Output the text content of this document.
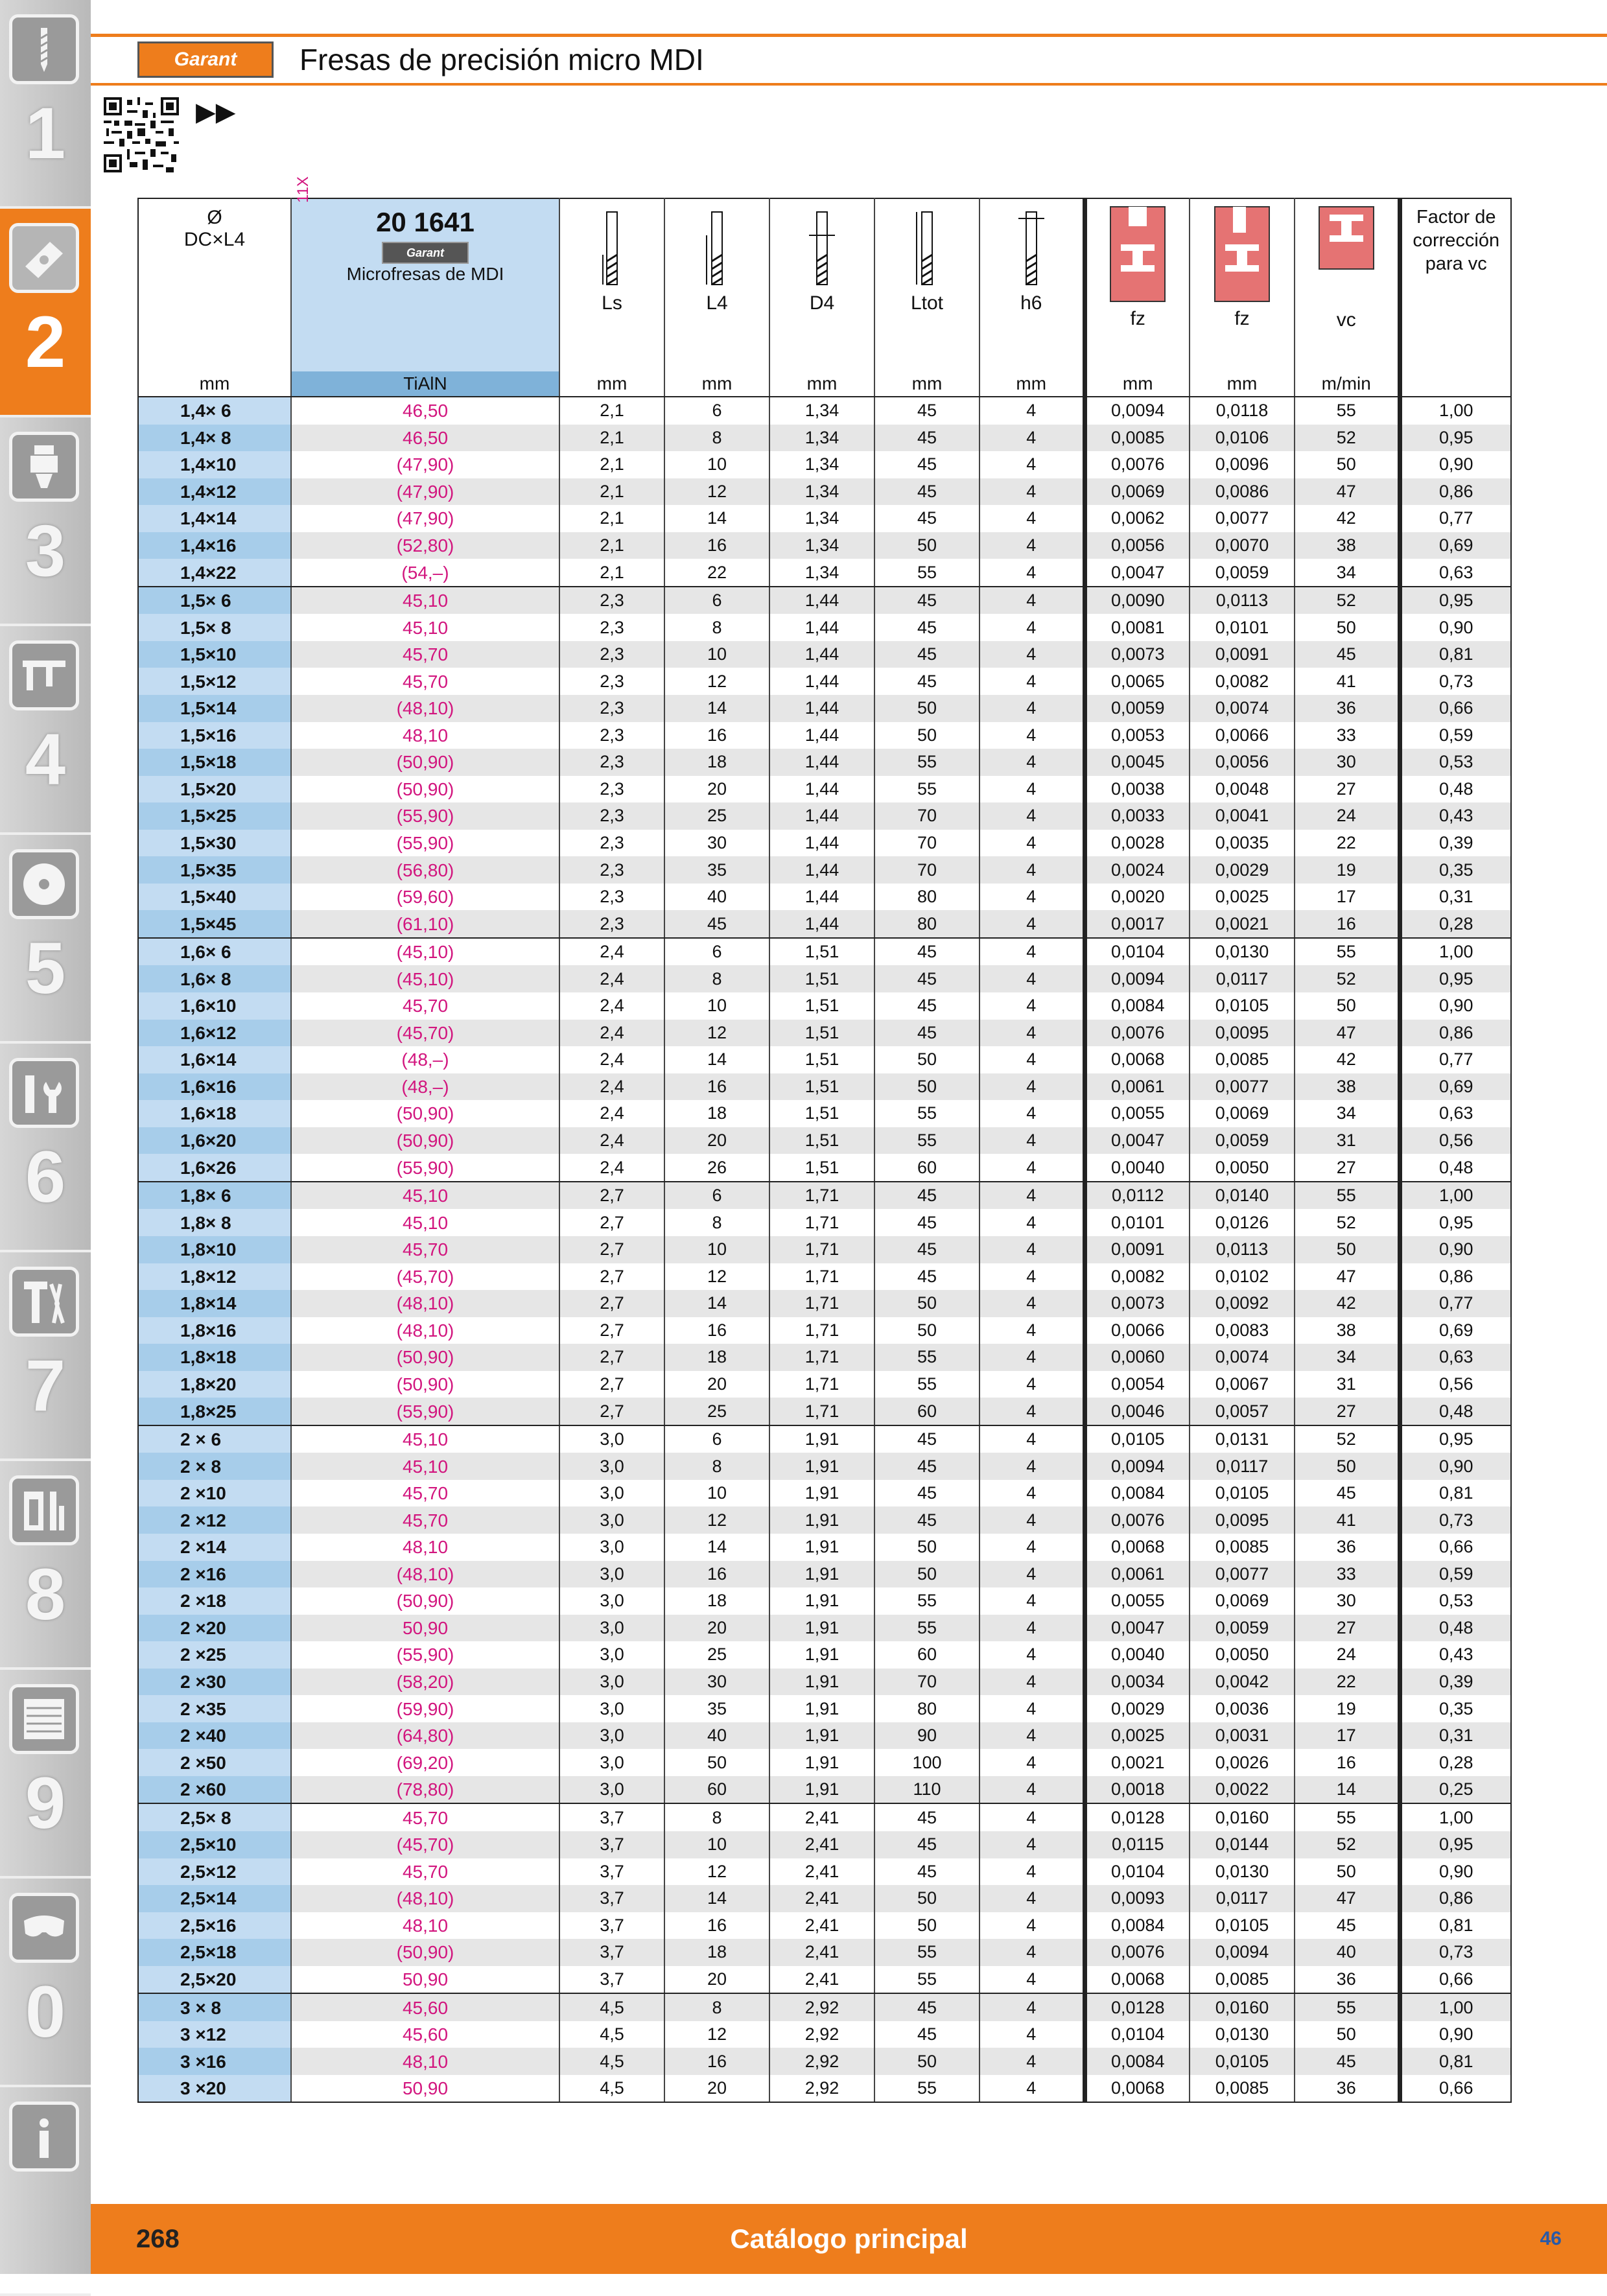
1
2
3
4
5
6
7
8
9
0
Garant	Fresas de precisión micro MDI
▶▶
Ø
DC×L4	11X
20 1641
Garant
Microfresas de MDI	Ls	L4	D4	Ltot	h6	fz	fz	vc	Factor de corrección para vc

mm	TiAlN	mm	mm	mm	mm	mm	mm	mm	m/min	
1,4× 6	46,50	2,1	6	1,34	45	4	0,0094	0,0118	55	1,00
1,4× 8	46,50	2,1	8	1,34	45	4	0,0085	0,0106	52	0,95
1,4×10	(47,90)	2,1	10	1,34	45	4	0,0076	0,0096	50	0,90
1,4×12	(47,90)	2,1	12	1,34	45	4	0,0069	0,0086	47	0,86
1,4×14	(47,90)	2,1	14	1,34	45	4	0,0062	0,0077	42	0,77
1,4×16	(52,80)	2,1	16	1,34	50	4	0,0056	0,0070	38	0,69
1,4×22	(54,–)	2,1	22	1,34	55	4	0,0047	0,0059	34	0,63
1,5× 6	45,10	2,3	6	1,44	45	4	0,0090	0,0113	52	0,95
1,5× 8	45,10	2,3	8	1,44	45	4	0,0081	0,0101	50	0,90
1,5×10	45,70	2,3	10	1,44	45	4	0,0073	0,0091	45	0,81
1,5×12	45,70	2,3	12	1,44	45	4	0,0065	0,0082	41	0,73
1,5×14	(48,10)	2,3	14	1,44	50	4	0,0059	0,0074	36	0,66
1,5×16	48,10	2,3	16	1,44	50	4	0,0053	0,0066	33	0,59
1,5×18	(50,90)	2,3	18	1,44	55	4	0,0045	0,0056	30	0,53
1,5×20	(50,90)	2,3	20	1,44	55	4	0,0038	0,0048	27	0,48
1,5×25	(55,90)	2,3	25	1,44	70	4	0,0033	0,0041	24	0,43
1,5×30	(55,90)	2,3	30	1,44	70	4	0,0028	0,0035	22	0,39
1,5×35	(56,80)	2,3	35	1,44	70	4	0,0024	0,0029	19	0,35
1,5×40	(59,60)	2,3	40	1,44	80	4	0,0020	0,0025	17	0,31
1,5×45	(61,10)	2,3	45	1,44	80	4	0,0017	0,0021	16	0,28
1,6× 6	(45,10)	2,4	6	1,51	45	4	0,0104	0,0130	55	1,00
1,6× 8	(45,10)	2,4	8	1,51	45	4	0,0094	0,0117	52	0,95
1,6×10	45,70	2,4	10	1,51	45	4	0,0084	0,0105	50	0,90
1,6×12	(45,70)	2,4	12	1,51	45	4	0,0076	0,0095	47	0,86
1,6×14	(48,–)	2,4	14	1,51	50	4	0,0068	0,0085	42	0,77
1,6×16	(48,–)	2,4	16	1,51	50	4	0,0061	0,0077	38	0,69
1,6×18	(50,90)	2,4	18	1,51	55	4	0,0055	0,0069	34	0,63
1,6×20	(50,90)	2,4	20	1,51	55	4	0,0047	0,0059	31	0,56
1,6×26	(55,90)	2,4	26	1,51	60	4	0,0040	0,0050	27	0,48
1,8× 6	45,10	2,7	6	1,71	45	4	0,0112	0,0140	55	1,00
1,8× 8	45,10	2,7	8	1,71	45	4	0,0101	0,0126	52	0,95
1,8×10	45,70	2,7	10	1,71	45	4	0,0091	0,0113	50	0,90
1,8×12	(45,70)	2,7	12	1,71	45	4	0,0082	0,0102	47	0,86
1,8×14	(48,10)	2,7	14	1,71	50	4	0,0073	0,0092	42	0,77
1,8×16	(48,10)	2,7	16	1,71	50	4	0,0066	0,0083	38	0,69
1,8×18	(50,90)	2,7	18	1,71	55	4	0,0060	0,0074	34	0,63
1,8×20	(50,90)	2,7	20	1,71	55	4	0,0054	0,0067	31	0,56
1,8×25	(55,90)	2,7	25	1,71	60	4	0,0046	0,0057	27	0,48
2 × 6	45,10	3,0	6	1,91	45	4	0,0105	0,0131	52	0,95
2 × 8	45,10	3,0	8	1,91	45	4	0,0094	0,0117	50	0,90
2 ×10	45,70	3,0	10	1,91	45	4	0,0084	0,0105	45	0,81
2 ×12	45,70	3,0	12	1,91	45	4	0,0076	0,0095	41	0,73
2 ×14	48,10	3,0	14	1,91	50	4	0,0068	0,0085	36	0,66
2 ×16	(48,10)	3,0	16	1,91	50	4	0,0061	0,0077	33	0,59
2 ×18	(50,90)	3,0	18	1,91	55	4	0,0055	0,0069	30	0,53
2 ×20	50,90	3,0	20	1,91	55	4	0,0047	0,0059	27	0,48
2 ×25	(55,90)	3,0	25	1,91	60	4	0,0040	0,0050	24	0,43
2 ×30	(58,20)	3,0	30	1,91	70	4	0,0034	0,0042	22	0,39
2 ×35	(59,90)	3,0	35	1,91	80	4	0,0029	0,0036	19	0,35
2 ×40	(64,80)	3,0	40	1,91	90	4	0,0025	0,0031	17	0,31
2 ×50	(69,20)	3,0	50	1,91	100	4	0,0021	0,0026	16	0,28
2 ×60	(78,80)	3,0	60	1,91	110	4	0,0018	0,0022	14	0,25
2,5× 8	45,70	3,7	8	2,41	45	4	0,0128	0,0160	55	1,00
2,5×10	(45,70)	3,7	10	2,41	45	4	0,0115	0,0144	52	0,95
2,5×12	45,70	3,7	12	2,41	45	4	0,0104	0,0130	50	0,90
2,5×14	(48,10)	3,7	14	2,41	50	4	0,0093	0,0117	47	0,86
2,5×16	48,10	3,7	16	2,41	50	4	0,0084	0,0105	45	0,81
2,5×18	(50,90)	3,7	18	2,41	55	4	0,0076	0,0094	40	0,73
2,5×20	50,90	3,7	20	2,41	55	4	0,0068	0,0085	36	0,66
3 × 8	45,60	4,5	8	2,92	45	4	0,0128	0,0160	55	1,00
3 ×12	45,60	4,5	12	2,92	45	4	0,0104	0,0130	50	0,90
3 ×16	48,10	4,5	16	2,92	50	4	0,0084	0,0105	45	0,81
3 ×20	50,90	4,5	20	2,92	55	4	0,0068	0,0085	36	0,66
268	Catálogo principal	46
